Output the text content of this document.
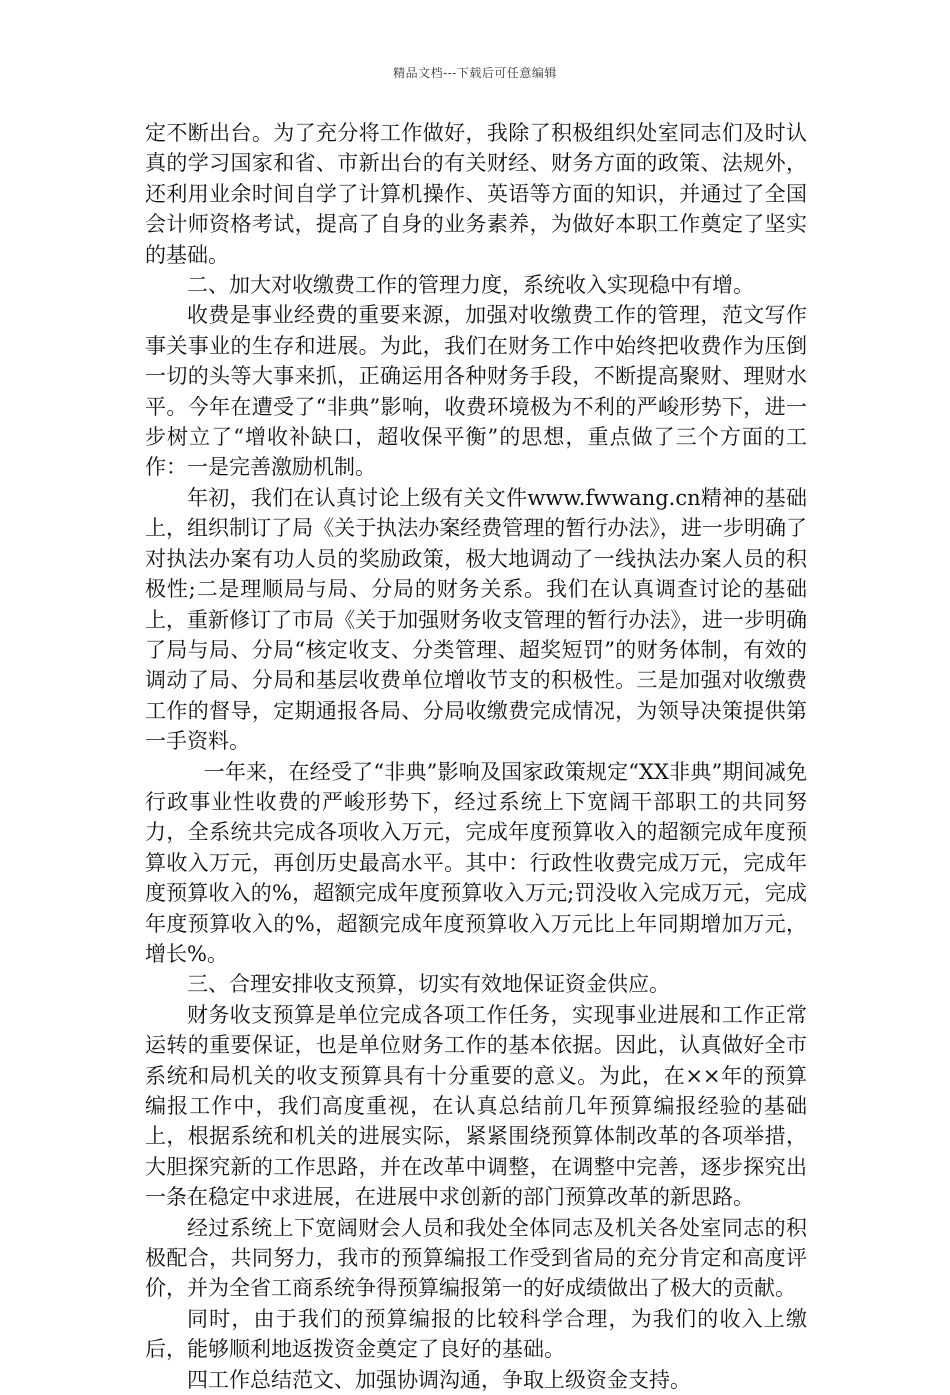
精品文档---下载后可任意编辑

定不断出台。为了充分将工作做好，我除了积极组织处室同志们及时认真的学习国家和省、市新出台的有关财经、财务方面的政策、法规外，还利用业余时间自学了计算机操作、英语等方面的知识，并通过了全国会计师资格考试，提高了自身的业务素养，为做好本职工作奠定了坚实的基础。

二、加大对收缴费工作的管理力度，系统收入实现稳中有增。

收费是事业经费的重要来源，加强对收缴费工作的管理，范文写作事关事业的生存和进展。为此，我们在财务工作中始终把收费作为压倒一切的头等大事来抓，正确运用各种财务手段，不断提高聚财、理财水平。今年在遭受了“非典”影响，收费环境极为不利的严峻形势下，进一步树立了“增收补缺口，超收保平衡”的思想，重点做了三个方面的工作：一是完善激励机制。

年初，我们在认真讨论上级有关文件www.fwwang.cn精神的基础上，组织制订了局《关于执法办案经费管理的暂行办法》，进一步明确了对执法办案有功人员的奖励政策，极大地调动了一线执法办案人员的积极性;二是理顺局与局、分局的财务关系。我们在认真调查讨论的基础上，重新修订了市局《关于加强财务收支管理的暂行办法》，进一步明确了局与局、分局“核定收支、分类管理、超奖短罚”的财务体制，有效的调动了局、分局和基层收费单位增收节支的积极性。三是加强对收缴费工作的督导，定期通报各局、分局收缴费完成情况，为领导决策提供第一手资料。

一年来，在经受了“非典”影响及国家政策规定“XX非典”期间减免行政事业性收费的严峻形势下，经过系统上下宽阔干部职工的共同努力，全系统共完成各项收入万元，完成年度预算收入的超额完成年度预算收入万元，再创历史最高水平。其中：行政性收费完成万元，完成年度预算收入的%，超额完成年度预算收入万元;罚没收入完成万元，完成年度预算收入的%，超额完成年度预算收入万元比上年同期增加万元，增长%。

三、合理安排收支预算，切实有效地保证资金供应。

财务收支预算是单位完成各项工作任务，实现事业进展和工作正常运转的重要保证，也是单位财务工作的基本依据。因此，认真做好全市系统和局机关的收支预算具有十分重要的意义。为此，在××年的预算编报工作中，我们高度重视，在认真总结前几年预算编报经验的基础上，根据系统和机关的进展实际，紧紧围绕预算体制改革的各项举措，大胆探究新的工作思路，并在改革中调整，在调整中完善，逐步探究出一条在稳定中求进展，在进展中求创新的部门预算改革的新思路。

经过系统上下宽阔财会人员和我处全体同志及机关各处室同志的积极配合，共同努力，我市的预算编报工作受到省局的充分肯定和高度评价，并为全省工商系统争得预算编报第一的好成绩做出了极大的贡献。

同时，由于我们的预算编报的比较科学合理，为我们的收入上缴后，能够顺利地返拨资金奠定了良好的基础。

四工作总结范文、加强协调沟通，争取上级资金支持。
